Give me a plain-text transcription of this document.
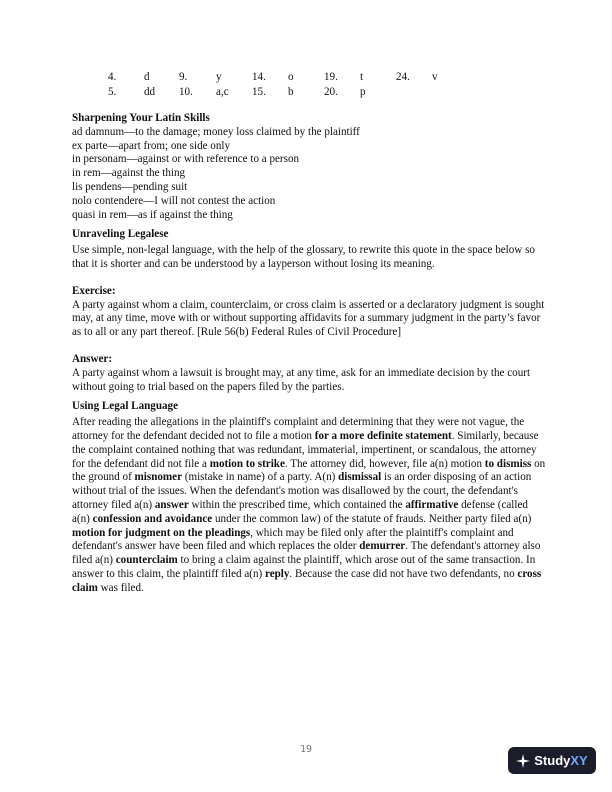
4. d	9.	y	14. o	19. t	24. v
5. dd 10. a,c 15. b	20. p

Sharpening Your Latin Skills

ad damnum—to the damage; money loss claimed by the plaintiff

ex parte—apart from; one side only

in personam—against or with reference to a person

in rem—against the thing

lis pendens—pending suit

nolo contendere—I will not contest the action

quasi in rem—as if against the thing

Unraveling Legalese

Use simple, non-legal language, with the help of the glossary, to rewrite this quote in the space below so that it is shorter and can be understood by a layperson without losing its meaning.

Exercise:

A party against whom a claim, counterclaim, or cross claim is asserted or a declaratory judgment is sought may, at any time, move with or without supporting affidavits for a summary judgment in the party’s favor as to all or any part thereof. [Rule 56(b) Federal Rules of Civil Procedure]

Answer:

A party against whom a lawsuit is brought may, at any time, ask for an immediate decision by the court without going to trial based on the papers filed by the parties.

Using Legal Language

After reading the allegations in the plaintiff's complaint and determining that they were not vague, the attorney for the defendant decided not to file a motion for a more definite statement. Similarly, because the complaint contained nothing that was redundant, immaterial, impertinent, or scandalous, the attorney for the defendant did not file a motion to strike. The attorney did, however, file a(n) motion to dismiss on the ground of misnomer (mistake in name) of a party. A(n) dismissal is an order disposing of an action without trial of the issues. When the defendant's motion was disallowed by the court, the defendant's attorney filed a(n) answer within the prescribed time, which contained the affirmative defense (called a(n) confession and avoidance under the common law) of the statute of frauds. Neither party filed a(n) motion for judgment on the pleadings, which may be filed only after the plaintiff's complaint and defendant's answer have been filed and which replaces the older demurrer. The defendant's attorney also filed a(n) counterclaim to bring a claim against the plaintiff, which arose out of the same transaction. In answer to this claim, the plaintiff filed a(n) reply. Because the case did not have two defendants, no cross claim was filed.

19
StudyXY
